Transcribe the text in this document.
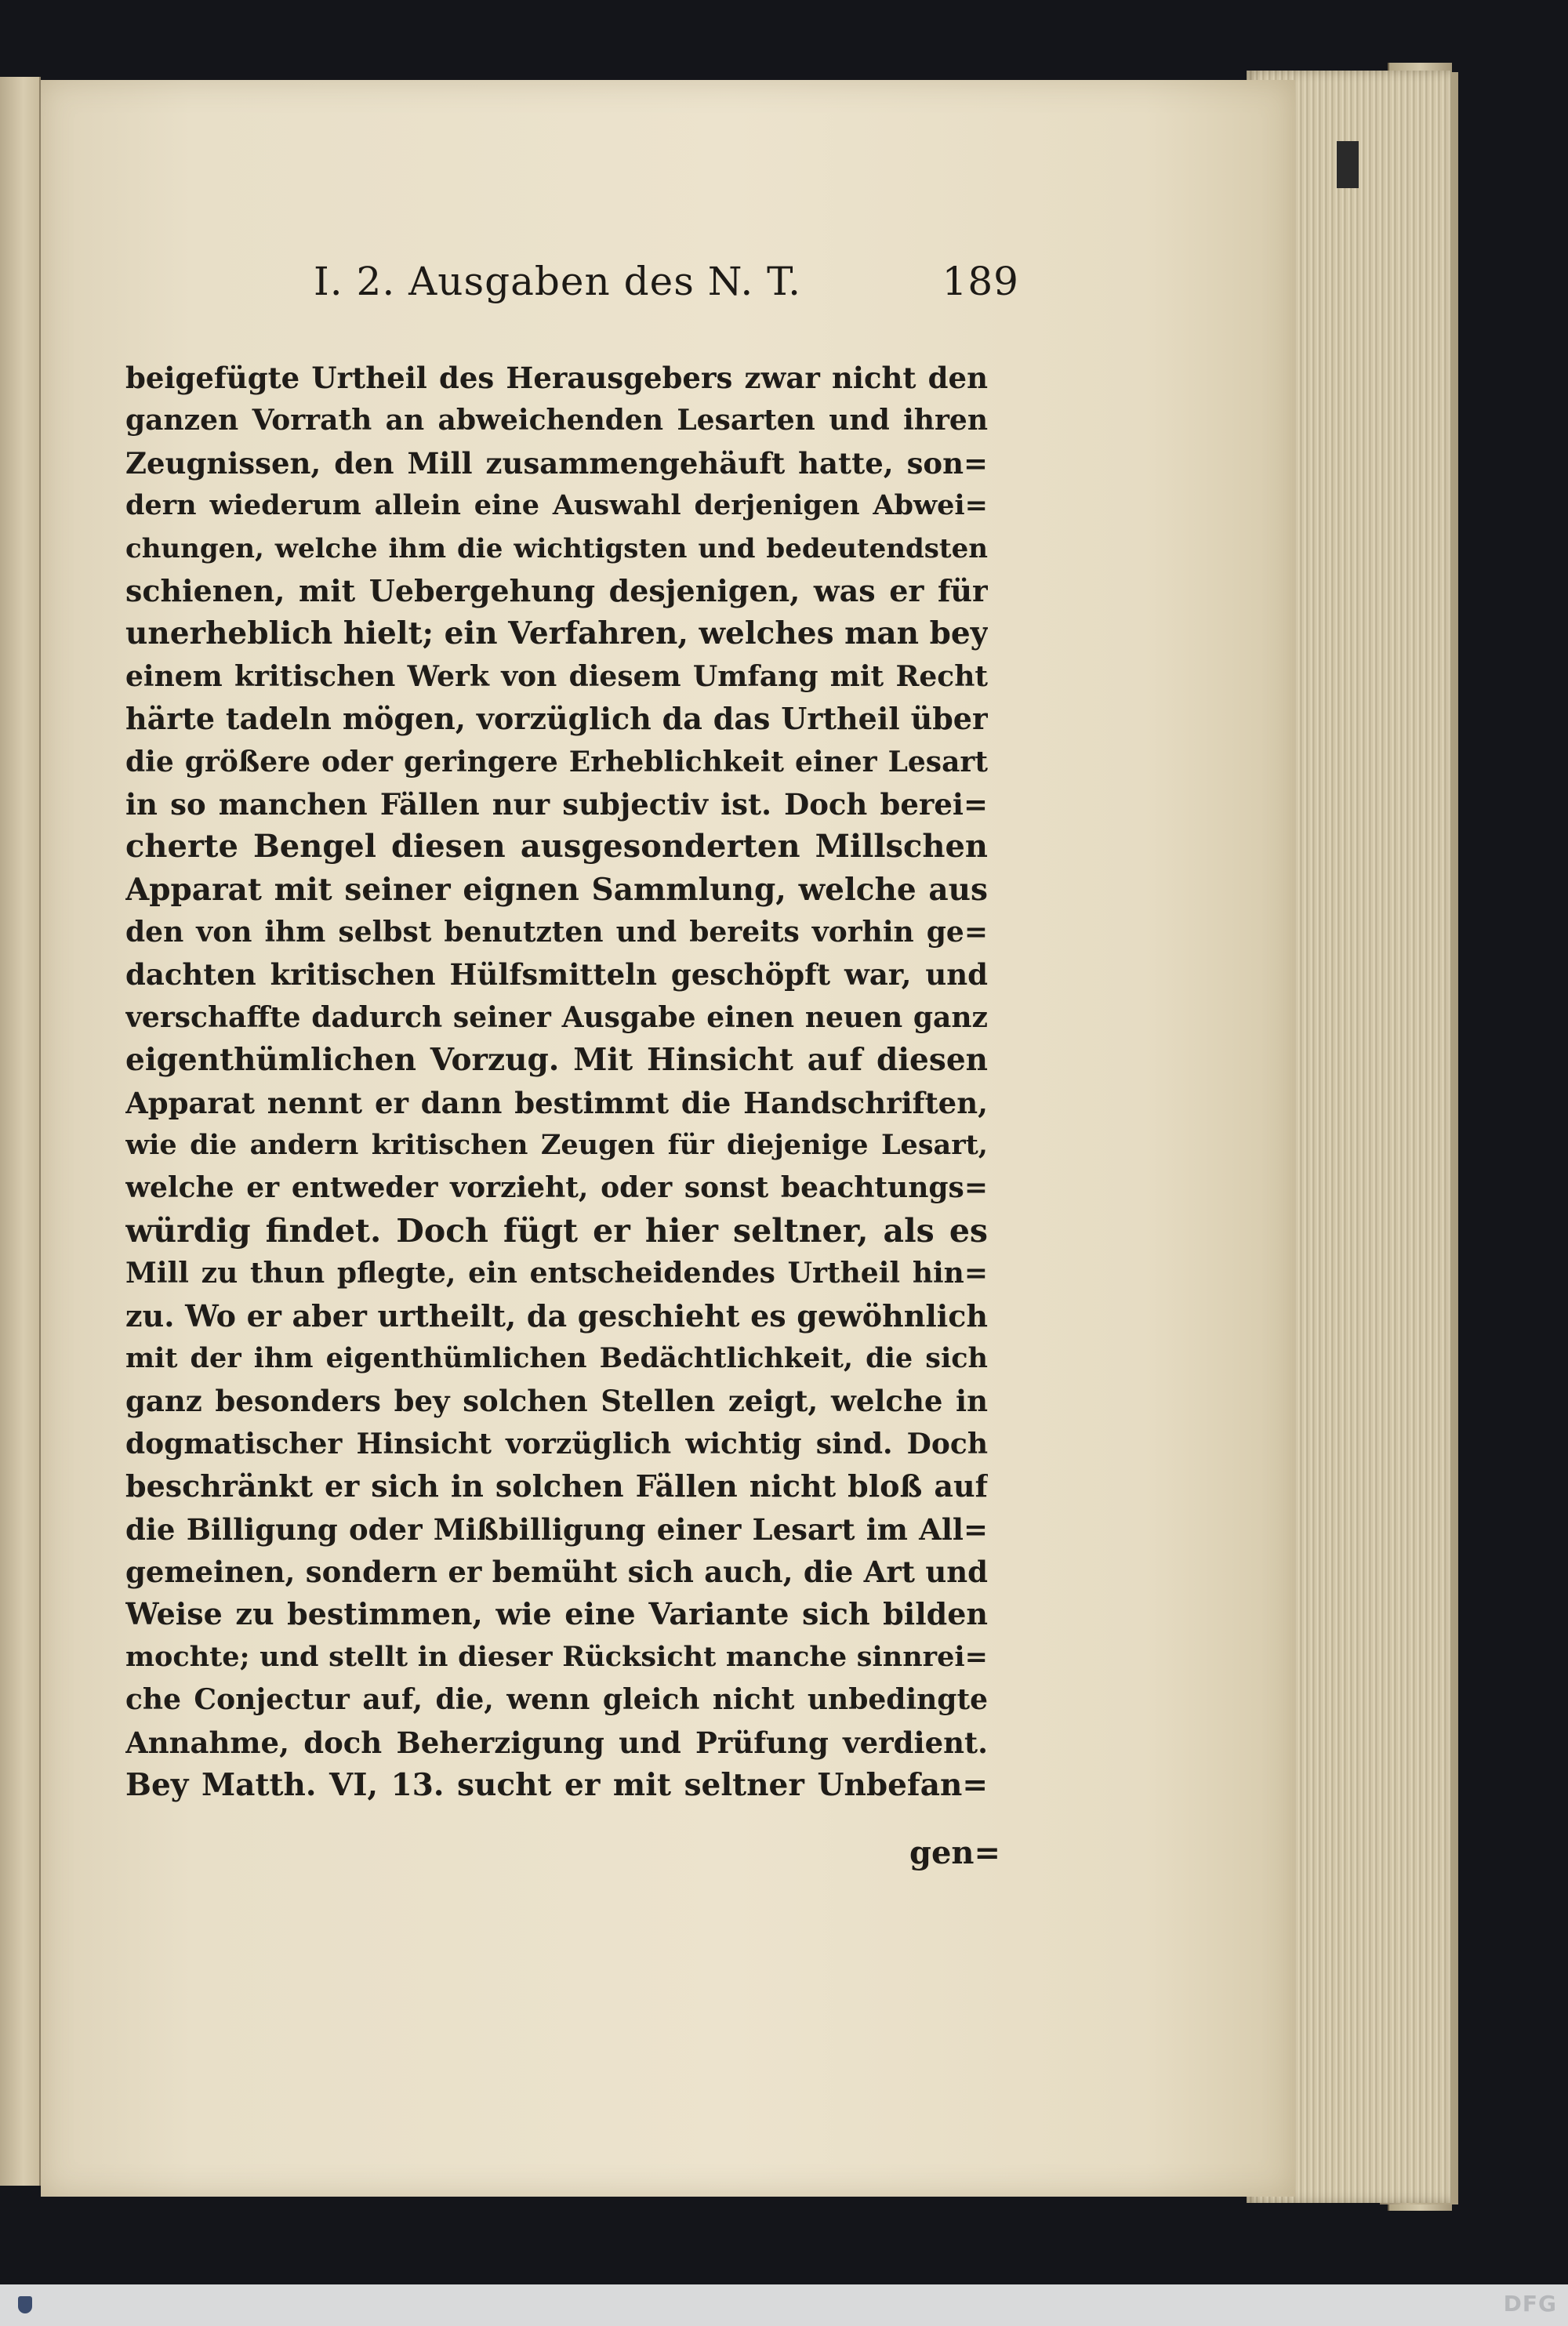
I. 2. Ausgaben des N. T.	189
beigefügte Urtheil des Herausgebers zwar nicht den
ganzen Vorrath an abweichenden Lesarten und ihren
Zeugnissen, den Mill zusammengehäuft hatte, son=
dern wiederum allein eine Auswahl derjenigen Abwei=
chungen, welche ihm die wichtigsten und bedeutendsten
schienen, mit Uebergehung desjenigen, was er für
unerheblich hielt; ein Verfahren, welches man bey
einem kritischen Werk von diesem Umfang mit Recht
härte tadeln mögen, vorzüglich da das Urtheil über
die größere oder geringere Erheblichkeit einer Lesart
in so manchen Fällen nur subjectiv ist. Doch berei=
cherte Bengel diesen ausgesonderten Millschen
Apparat mit seiner eignen Sammlung, welche aus
den von ihm selbst benutzten und bereits vorhin ge=
dachten kritischen Hülfsmitteln geschöpft war, und
verschaffte dadurch seiner Ausgabe einen neuen ganz
eigenthümlichen Vorzug. Mit Hinsicht auf diesen
Apparat nennt er dann bestimmt die Handschriften,
wie die andern kritischen Zeugen für diejenige Lesart,
welche er entweder vorzieht, oder sonst beachtungs=
würdig findet. Doch fügt er hier seltner, als es
Mill zu thun pflegte, ein entscheidendes Urtheil hin=
zu. Wo er aber urtheilt, da geschieht es gewöhnlich
mit der ihm eigenthümlichen Bedächtlichkeit, die sich
ganz besonders bey solchen Stellen zeigt, welche in
dogmatischer Hinsicht vorzüglich wichtig sind. Doch
beschränkt er sich in solchen Fällen nicht bloß auf
die Billigung oder Mißbilligung einer Lesart im All=
gemeinen, sondern er bemüht sich auch, die Art und
Weise zu bestimmen, wie eine Variante sich bilden
mochte; und stellt in dieser Rücksicht manche sinnrei=
che Conjectur auf, die, wenn gleich nicht unbedingte
Annahme, doch Beherzigung und Prüfung verdient.
Bey Matth. VI, 13. sucht er mit seltner Unbefan=
gen=
DFG
